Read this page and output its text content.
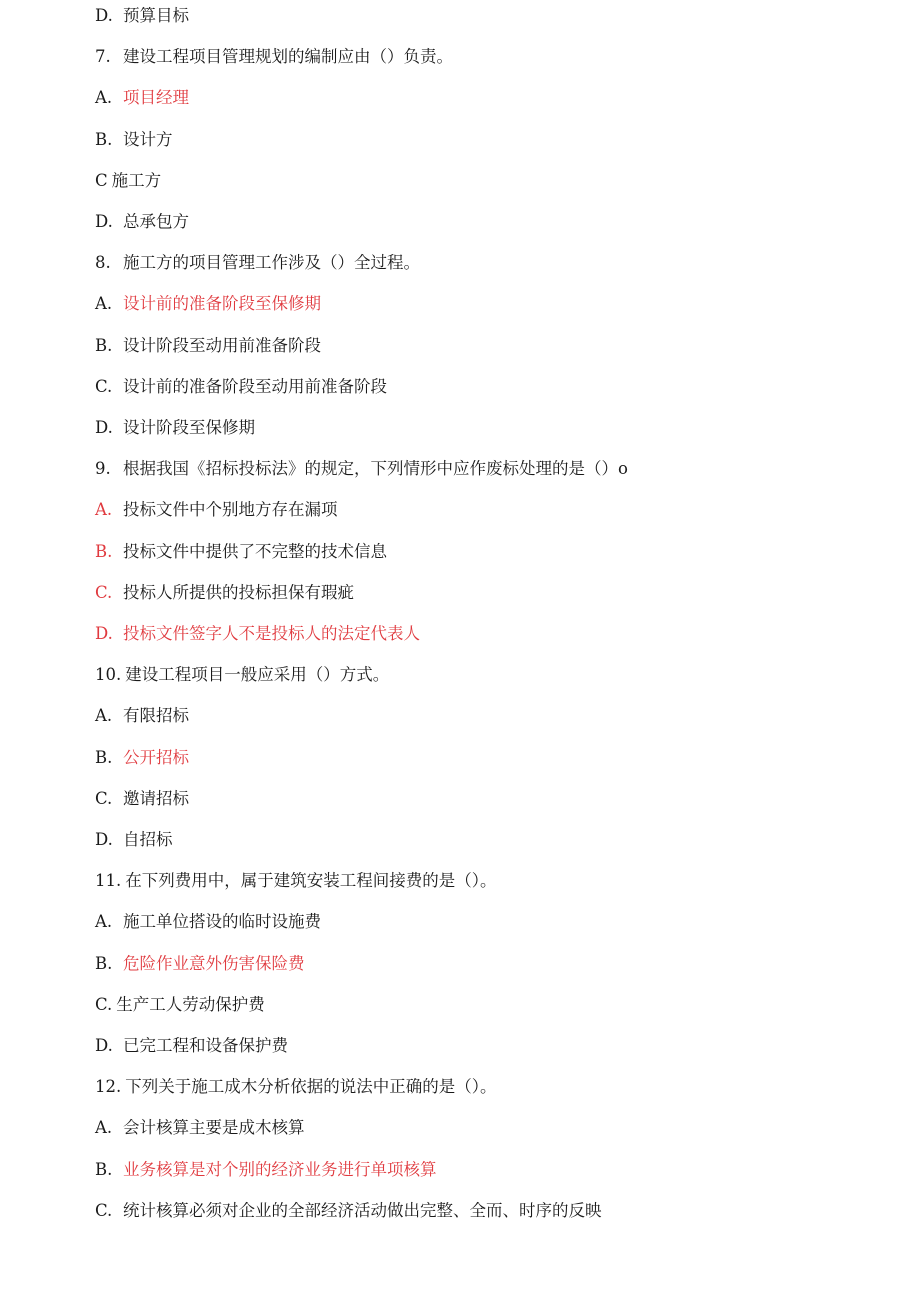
D. 预算目标
7. 建设工程项目管理规划的编制应由（）负责。
A. 项目经理
B. 设计方
C 施工方
D. 总承包方
8. 施工方的项目管理工作涉及（）全过程。
A. 设计前的准备阶段至保修期
B. 设计阶段至动用前准备阶段
C. 设计前的准备阶段至动用前准备阶段
D. 设计阶段至保修期
9. 根据我国《招标投标法》的规定，下列情形中应作废标处理的是（）o
A. 投标文件中个别地方存在漏项
B. 投标文件中提供了不完整的技术信息
C. 投标人所提供的投标担保有瑕疵
D. 投标文件签字人不是投标人的法定代表人
10. 建设工程项目一般应采用（）方式。
A. 有限招标
B. 公开招标
C. 邀请招标
D. 自招标
11. 在下列费用中，属于建筑安装工程间接费的是（）。
A. 施工单位搭设的临时设施费
B. 危险作业意外伤害保险费
C. 生产工人劳动保护费
D. 已完工程和设备保护费
12. 下列关于施工成木分析依据的说法中正确的是（）。
A. 会计核算主要是成木核算
B. 业务核算是对个别的经济业务进行单项核算
C. 统计核算必须对企业的全部经济活动做出完整、全而、时序的反映
